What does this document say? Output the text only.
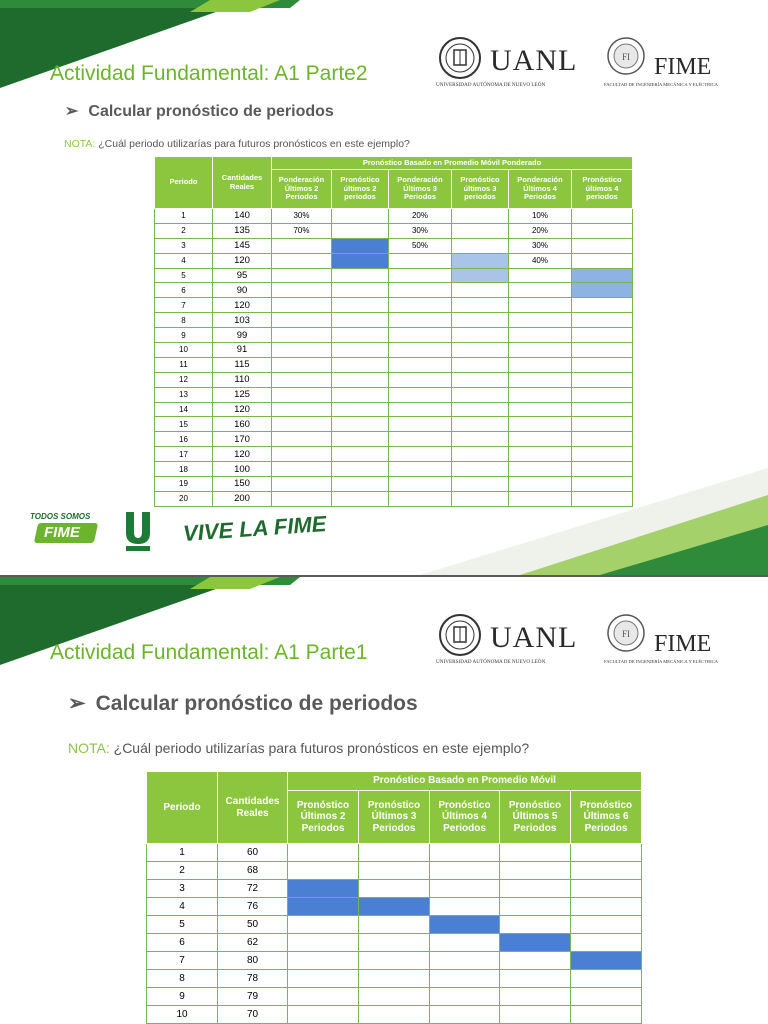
Actividad Fundamental: A1 Parte2
➢ Calcular pronóstico de periodos
NOTA: ¿Cuál periodo utilizarías para futuros pronósticos en este ejemplo?
UANL
UNIVERSIDAD AUTÓNOMA DE NUEVO LEÓN
FI FIME
FACULTAD DE INGENIERÍA MECÁNICA Y ELÉCTRICA
Periodo	Cantidades Reales	Pronóstico Basado en Promedio Móvil Ponderado					
		Ponderación Últimos 2 Periodos	Pronóstico últimos 2 periodos	Ponderación Últimos 3 Periodos	Pronóstico últimos 3 periodos	Ponderación Últimos 4 Periodos	Pronóstico últimos 4 periodos
1	140	30%		20%		10%	
2	135	70%		30%		20%	
3	145			50%		30%	
4	120					40%	
5	95						
6	90						
7	120						
8	103						
9	99						
10	91						
11	115						
12	110						
13	125						
14	120						
15	160						
16	170						
17	120						
18	100						
19	150						
20	200						
TODOS SOMOS
FIME	VIVE LA FIME
Actividad Fundamental: A1 Parte1
➢ Calcular pronóstico de periodos
NOTA: ¿Cuál periodo utilizarías para futuros pronósticos en este ejemplo?
UANL
UNIVERSIDAD AUTÓNOMA DE NUEVO LEÓN
FI FIME
FACULTAD DE INGENIERÍA MECÁNICA Y ELÉCTRICA
Periodo	Cantidades Reales	Pronóstico Basado en Promedio Móvil				
		Pronóstico Últimos 2 Periodos	Pronóstico Últimos 3 Periodos	Pronóstico Últimos 4 Periodos	Pronóstico Últimos 5 Periodos	Pronóstico Últimos 6 Periodos
1	60					
2	68					
3	72					
4	76					
5	50					
6	62					
7	80					
8	78					
9	79					
10	70					
